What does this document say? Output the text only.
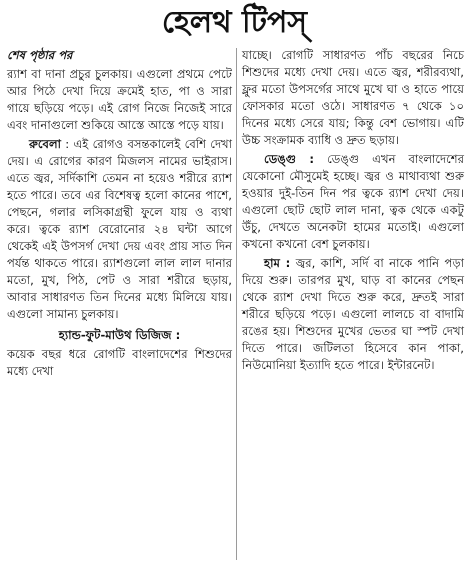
হেলথ টিপস্

শেষ পৃষ্ঠার পর

র‍্যাশ বা দানা প্রচুর চুলকায়। এগুলো প্রথমে পেটে আর পিঠে দেখা দিয়ে ক্রমেই হাত, পা ও সারা গায়ে ছড়িয়ে পড়ে। এই রোগ নিজে নিজেই সারে এবং দানাগুলো শুকিয়ে আস্তে আস্তে পড়ে যায়।

রুবেলা : এই রোগও বসন্তকালেই বেশি দেখা দেয়। এ রোগের কারণ মিজলস নামের ভাইরাস। এতে জ্বর, সর্দিকাশি তেমন না হয়েও শরীরে র‍্যাশ হতে পারে। তবে এর বিশেষত্ব হলো কানের পাশে, পেছনে, গলার লসিকাগ্রন্থী ফুলে যায় ও ব্যথা করে। ত্বকে র‍্যাশ বেরোনোর ২৪ ঘন্টা আগে থেকেই এই উপসর্গ দেখা দেয় এবং প্রায় সাত দিন পর্যন্ত থাকতে পারে। র‍্যাশগুলো লাল লাল দানার মতো, মুখ, পিঠ, পেট ও সারা শরীরে ছড়ায়, আবার সাধারণত তিন দিনের মধ্যে মিলিয়ে যায়। এগুলো সামান্য চুলকায়।

হ্যান্ড-ফুট-মাউথ ডিজিজ :

কয়েক বছর ধরে রোগটি বাংলাদেশের শিশুদের মধ্যে দেখা

যাচ্ছে। রোগটি সাধারণত পাঁচ বছরের নিচে শিশুদের মধ্যে দেখা দেয়। এতে জ্বর, শরীরব্যথা, ফ্লুর মতো উপসর্গের সাথে মুখে ঘা ও হাতে পায়ে ফোসকার মতো ওঠে। সাধারণত ৭ থেকে ১০ দিনের মধ্যে সেরে যায়; কিন্তু বেশ ভোগায়। এটি উচ্চ সংক্রামক ব্যাধি ও দ্রুত ছড়ায়।

ডেঙ্গু : ডেঙ্গু এখন বাংলাদেশের যেকোনো মৌসুমেই হচ্ছে। জ্বর ও মাথাব্যথা শুরু হওয়ার দুই-তিন দিন পর ত্বকে র‍্যাশ দেখা দেয়। এগুলো ছোট ছোট লাল দানা, ত্বক থেকে একটু উঁচু, দেখতে অনেকটা হামের মতোই। এগুলো কখনো কখনো বেশ চুলকায়।

হাম : জ্বর, কাশি, সর্দি বা নাকে পানি পড়া দিয়ে শুরু। তারপর মুখ, ঘাড় বা কানের পেছন থেকে র‍্যাশ দেখা দিতে শুরু করে, দ্রুতই সারা শরীরে ছড়িয়ে পড়ে। এগুলো লালচে বা বাদামি রঙের হয়। শিশুদের মুখের ভেতর ঘা স্পট দেখা দিতে পারে। জটিলতা হিসেবে কান পাকা, নিউমোনিয়া ইত্যাদি হতে পারে। ইন্টারনেট।
